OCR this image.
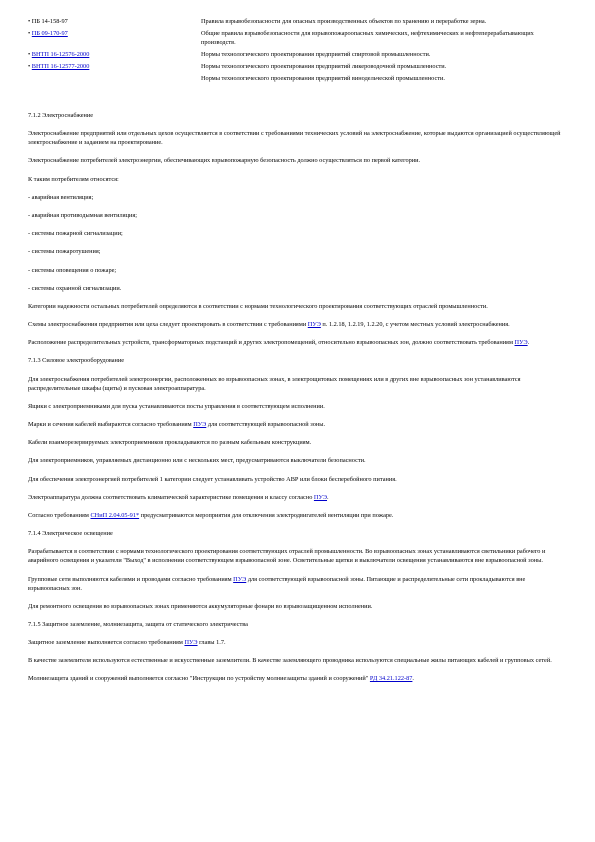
• ПБ 14-158-97	Правила взрывобезопасности для опасных производственных объектов по хранению и переработке зерна.
• ПБ 09-170-97	Общие правила взрывобезопасности для взрывопожароопасных химических, нефтехимических и нефтеперерабатывающих производств.
• ВНТП 16-12576-2000	Нормы технологического проектирования предприятий спиртовой промышленности.
• ВНТП 16-12577-2000	Нормы технологического проектирования предприятий ликероводочной промышленности.
	Нормы технологического проектирования предприятий винодельческой промышленности.

7.1.2 Электроснабжение

Электроснабжение предприятий или отдельных цехов осуществляется в соответствии с требованиями технических условий на электроснабжение, которые выдаются организацией осуществляющей электроснабжение и заданием на проектирование.

Электроснабжение потребителей электроэнергии, обеспечивающих взрывопожарную безопасность должно осуществляться по первой категории.

К таким потребителям относятся:

- аварийная вентиляция;

- аварийная противодымная вентиляция;

- системы пожарной сигнализации;

- системы пожаротушения;

- системы оповещения о пожаре;

- системы охранной сигнализации.

Категории надежности остальных потребителей определяются в соответствии с нормами технологического проектирования соответствующих отраслей промышленности.

Схемы электроснабжения предприятия или цеха следует проектировать в соответствии с требованиями ПУЭ п. 1.2.18, 1.2.19, 1.2.20, с учетом местных условий электроснабжения.

Расположение распределительных устройств, трансформаторных подстанций и других электропомещений, относительно взрывоопасных зон, должно соответствовать требованиям ПУЭ.

7.1.3 Силовое электрооборудование

Для электроснабжения потребителей электроэнергии, расположенных во взрывоопасных зонах, в электрощитовых помещениях или в других вне взрывоопасных зон устанавливаются распределительные шкафы (щиты) и пусковая электроаппаратура.

Ящики с электроприемниками для пуска устанавливаются посты управления в соответствующем исполнении.

Марки и сечения кабелей выбираются согласно требованиям ПУЭ для соответствующей взрывоопасной зоны.

Кабели взаиморезервируемых электроприемников прокладываются по разным кабельным конструкциям.

Для электроприемников, управляемых дистанционно или с нескольких мест, предусматриваются выключатели безопасности.

Для обеспечения электроэнергией потребителей 1 категории следует устанавливать устройство АВР или блоки бесперебойного питания.

Электроаппаратура должна соответствовать климатической характеристике помещения и классу согласно ПУЭ.

Согласно требованиям СНиП 2.04.05-91* предусматриваются мероприятия для отключения электродвигателей вентиляции при пожаре.

7.1.4 Электрическое освещение

Разрабатывается в соответствии с нормами технологического проектирования соответствующих отраслей промышленности. Во взрывоопасных зонах устанавливаются светильники рабочего и аварийного освещения и указатели "Выход" в исполнении соответствующем взрывоопасной зоне. Осветительные щитки и выключатели освещения устанавливаются вне взрывоопасной зоны.

Групповые сети выполняются кабелями и проводами согласно требованиям ПУЭ для соответствующей взрывоопасной зоны. Питающие и распределительные сети прокладываются вне взрывоопасных зон.

Для ремонтного освещения во взрывоопасных зонах применяются аккумуляторные фонари во взрывозащищенном исполнении.

7.1.5 Защитное заземление, молниезащита, защита от статического электричества

Защитное заземление выполняется согласно требованиям ПУЭ главы 1.7.

В качестве заземлителя используются естественные и искусственные заземлители. В качестве заземляющего проводника используются специальные жилы питающих кабелей и групповых сетей.

Молниезащита зданий и сооружений выполняется согласно "Инструкции по устройству молниезащиты зданий и сооружений" РД 34.21.122-87.
